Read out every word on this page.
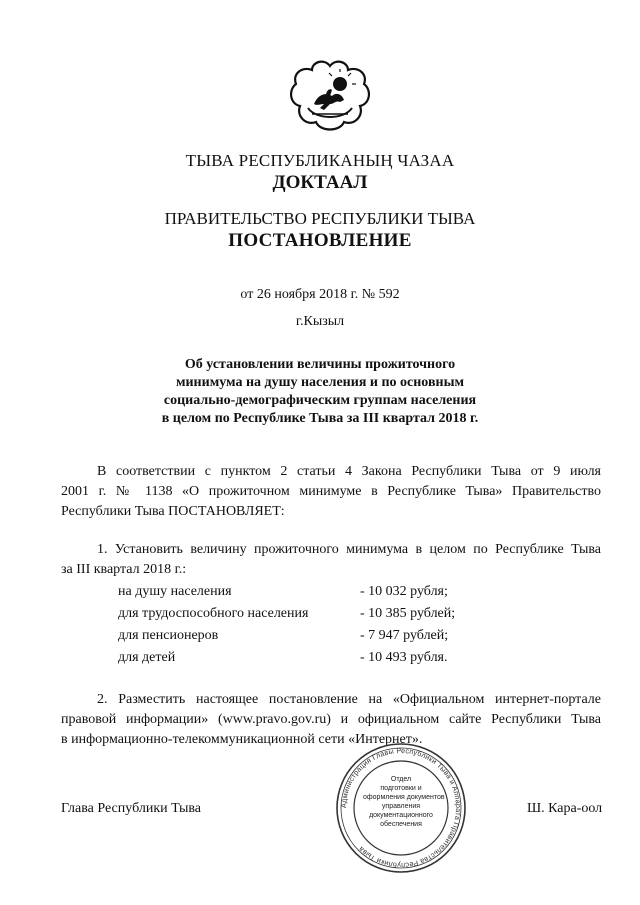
ТЫВА РЕСПУБЛИКАНЫҢ ЧАЗАА
ДОКТААЛ
ПРАВИТЕЛЬСТВО РЕСПУБЛИКИ ТЫВА
ПОСТАНОВЛЕНИЕ
от 26 ноября 2018 г. № 592
г.Кызыл
Об установлении величины прожиточного
минимума на душу населения и по основным
социально-демографическим группам населения
в целом по Республике Тыва за III квартал 2018 г.
В соответствии с пунктом 2 статьи 4 Закона Республики Тыва от 9 июля
2001 г. № 1138 «О прожиточном минимуме в Республике Тыва» Правительство
Республики Тыва ПОСТАНОВЛЯЕТ:
1. Установить величину прожиточного минимума в целом по Республике Тыва
за III квартал 2018 г.:
на душу населения	- 10 032 рубля;
для трудоспособного населения	- 10 385 рублей;
для пенсионеров	- 7 947 рублей;
для детей	- 10 493 рубля.
2. Разместить настоящее постановление на «Официальном интернет-портале
правовой информации» (www.pravo.gov.ru) и официальном сайте Республики Тыва
в информационно-телекоммуникационной сети «Интернет».
Администрация Главы Республики Тыва и Аппарата Правительства Республики Тыва
Отдел
подготовки и
оформления документов
управления
документационного
обеспечения
Глава Республики Тыва	Ш. Кара-оол
